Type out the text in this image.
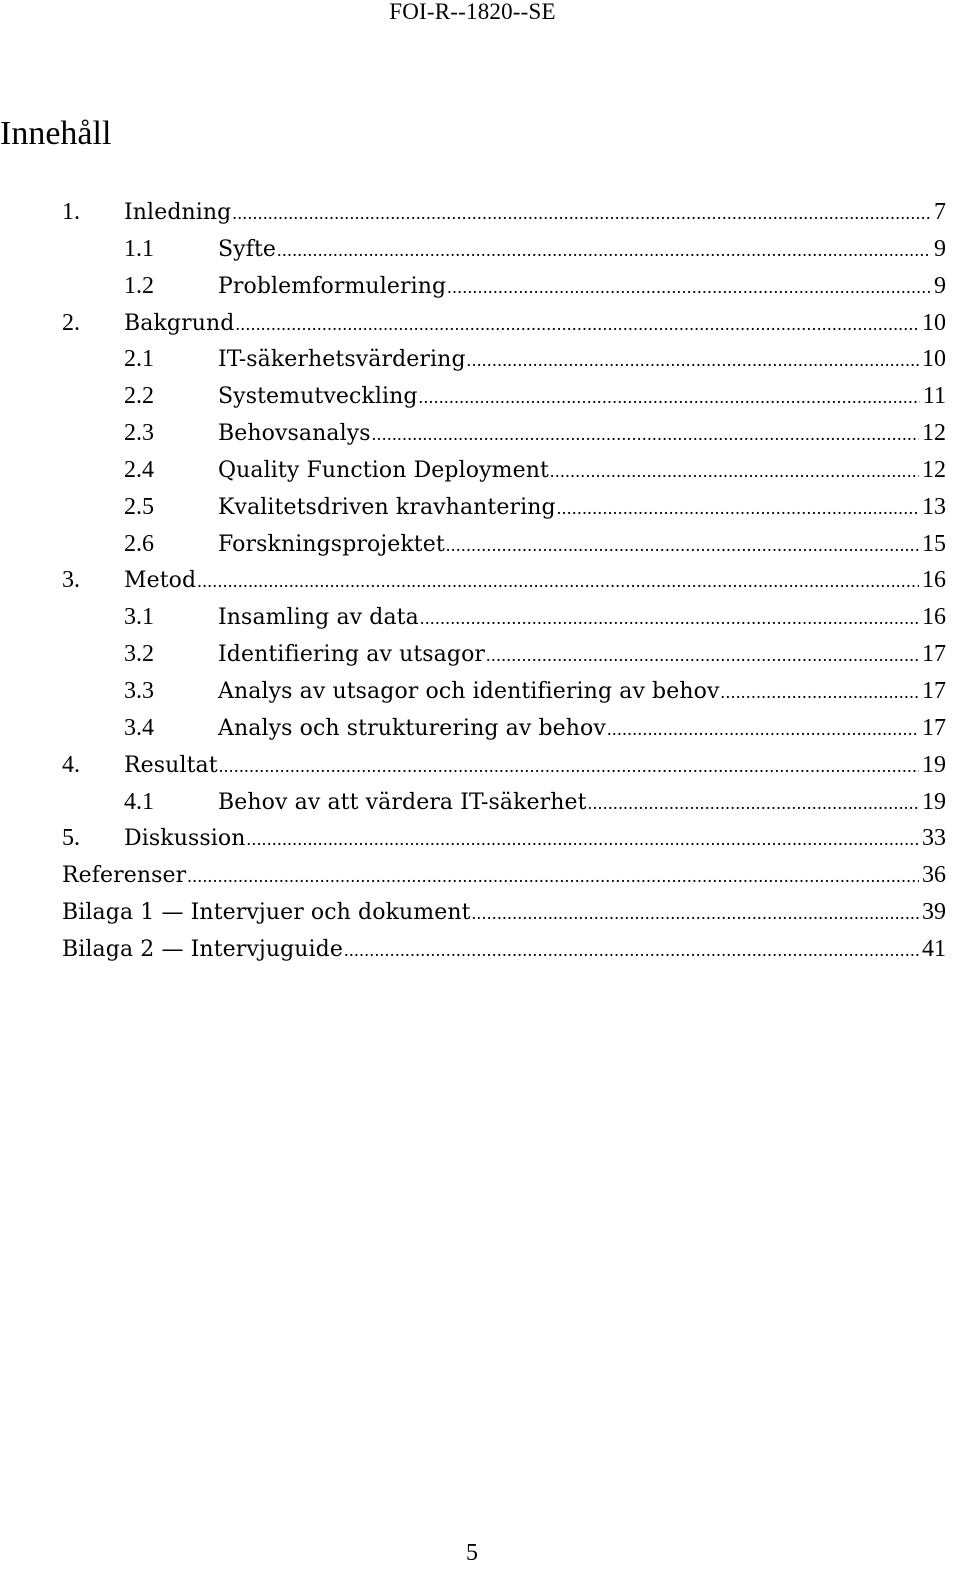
FOI-R--1820--SE
Innehåll
1.	Inledning .....	7
1.1	Syfte .....	9
1.2	Problemformulering .....	9
2.	Bakgrund .....	10
2.1	IT-säkerhetsvärdering .....	10
2.2	Systemutveckling .....	11
2.3	Behovsanalys .....	12
2.4	Quality Function Deployment .....	12
2.5	Kvalitetsdriven kravhantering .....	13
2.6	Forskningsprojektet .....	15
3.	Metod .....	16
3.1	Insamling av data .....	16
3.2	Identifiering av utsagor .....	17
3.3	Analys av utsagor och identifiering av behov .....	17
3.4	Analys och strukturering av behov .....	17
4.	Resultat .....	19
4.1	Behov av att värdera IT-säkerhet .....	19
5.	Diskussion .....	33
Referenser .....	36
Bilaga 1 — Intervjuer och dokument .....	39
Bilaga 2 — Intervjuguide .....	41
5
